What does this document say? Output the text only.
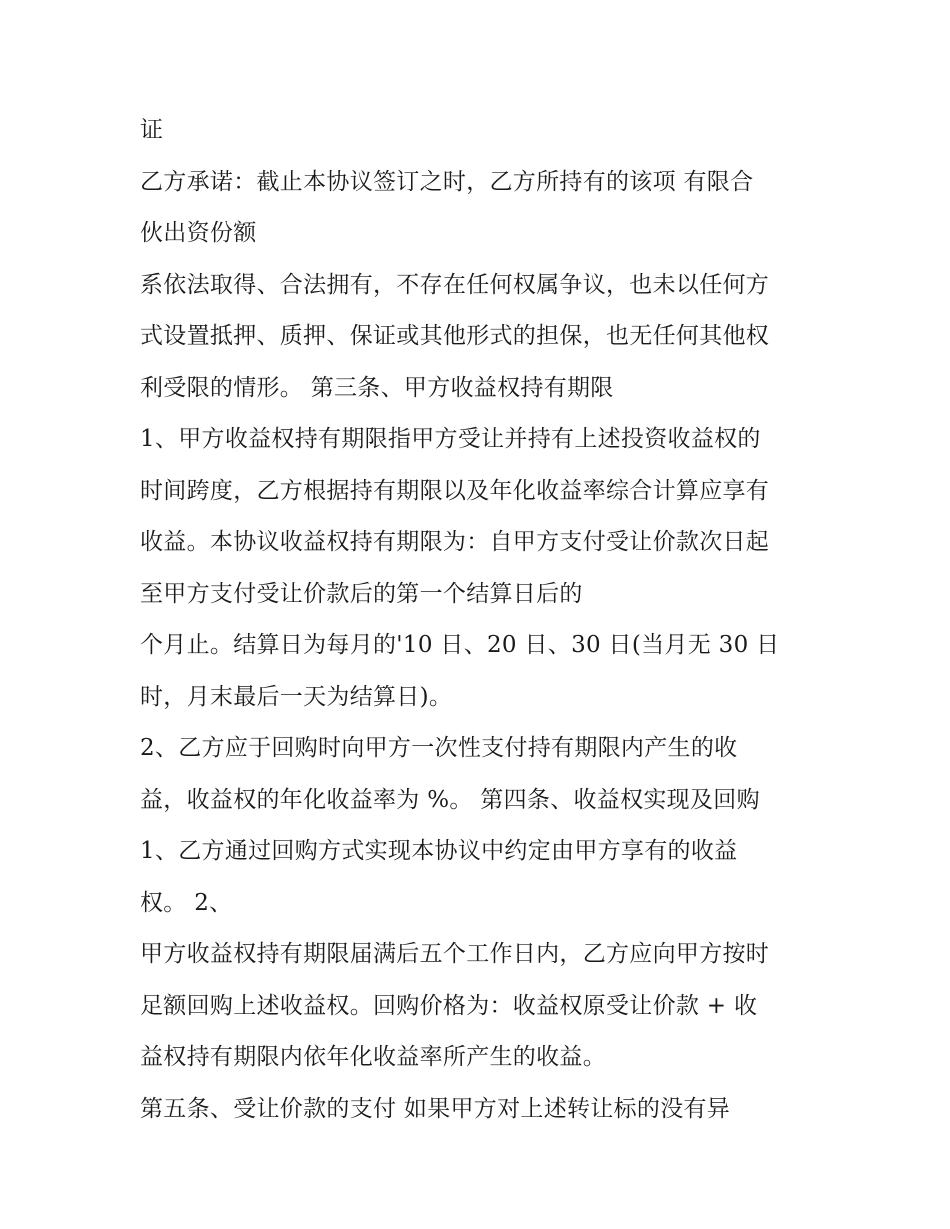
证
乙方承诺：截止本协议签订之时，乙方所持有的该项 有限合
伙出资份额
系依法取得、合法拥有，不存在任何权属争议，也未以任何方
式设置抵押、质押、保证或其他形式的担保，也无任何其他权
利受限的情形。 第三条、甲方收益权持有期限
1、甲方收益权持有期限指甲方受让并持有上述投资收益权的
时间跨度，乙方根据持有期限以及年化收益率综合计算应享有
收益。本协议收益权持有期限为：自甲方支付受让价款次日起
至甲方支付受让价款后的第一个结算日后的
个月止。结算日为每月的'10 日、20 日、30 日(当月无 30 日
时，月末最后一天为结算日)。
2、乙方应于回购时向甲方一次性支付持有期限内产生的收
益，收益权的年化收益率为 %。 第四条、收益权实现及回购
1、乙方通过回购方式实现本协议中约定由甲方享有的收益
权。 2、
甲方收益权持有期限届满后五个工作日内，乙方应向甲方按时
足额回购上述收益权。回购价格为：收益权原受让价款 + 收
益权持有期限内依年化收益率所产生的收益。
第五条、受让价款的支付 如果甲方对上述转让标的没有异
